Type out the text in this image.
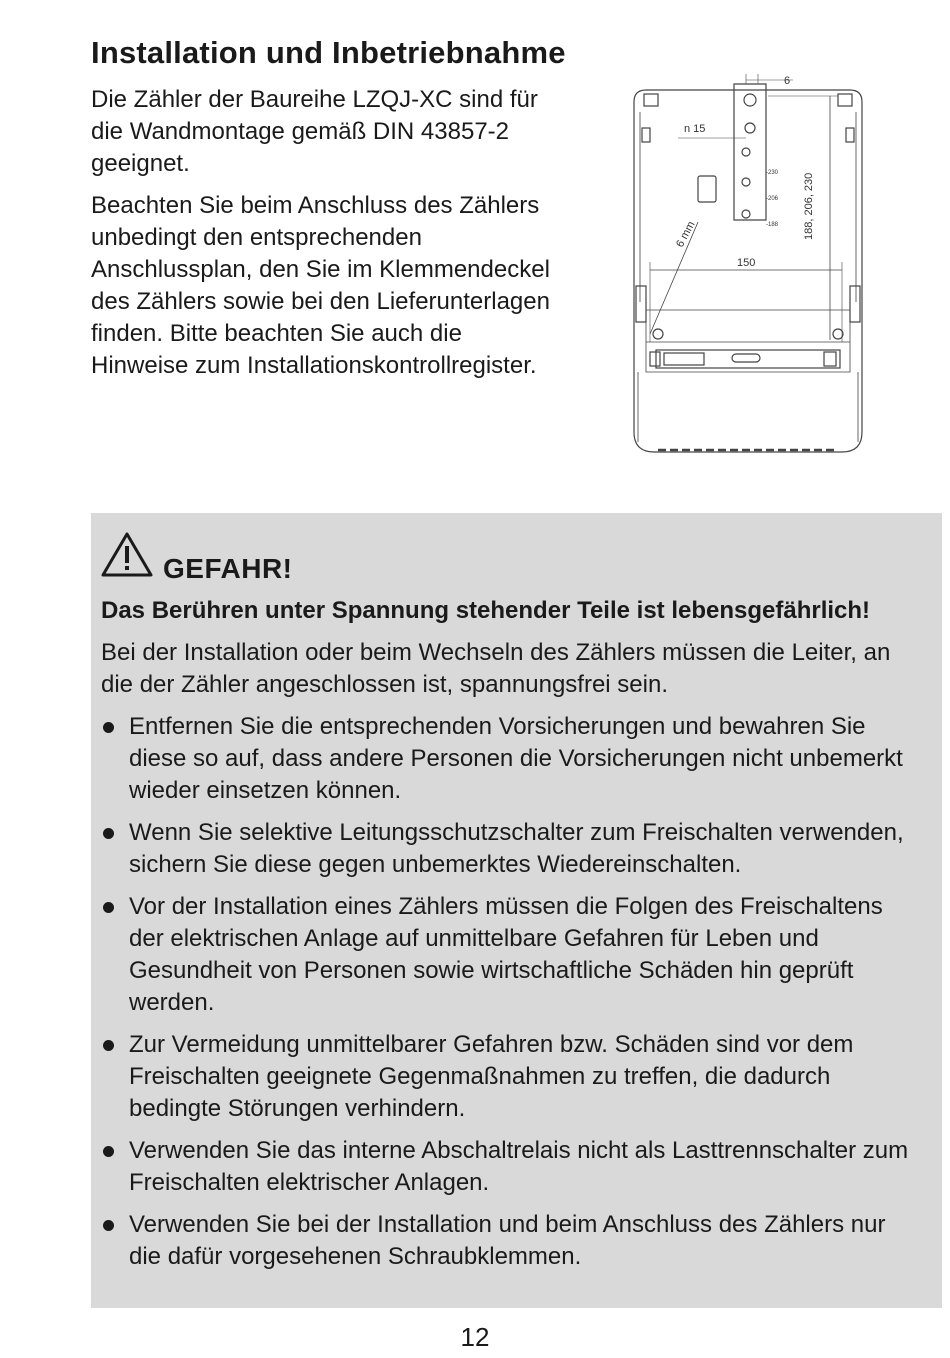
Installation und Inbetriebnahme

Die Zähler der Baureihe LZQJ-XC sind für die Wandmontage gemäß DIN 43857-2 geeignet.

Beachten Sie beim Anschluss des Zählers unbedingt den entsprechenden Anschlussplan, den Sie im Klemmendeckel des Zählers sowie bei den Lieferunterlagen finden. Bitte beachten Sie auch die Hinweise zum Installationskontrollregister.

6
n 15
188, 206, 230
-230
-206
-188
6 mm
150
GEFAHR!

Das Berühren unter Spannung stehender Teile ist lebensgefährlich!

Bei der Installation oder beim Wechseln des Zählers müssen die Leiter, an die der Zähler angeschlossen ist, spannungsfrei sein.

Entfernen Sie die entsprechenden Vorsicherungen und bewahren Sie diese so auf, dass andere Personen die Vorsicherungen nicht unbemerkt wieder einsetzen können.
Wenn Sie selektive Leitungsschutzschalter zum Freischalten verwenden, sichern Sie diese gegen unbemerktes Wiedereinschalten.
Vor der Installation eines Zählers müssen die Folgen des Freischaltens der elektrischen Anlage auf unmittelbare Gefahren für Leben und Gesundheit von Personen sowie wirtschaftliche Schäden hin geprüft werden.
Zur Vermeidung unmittelbarer Gefahren bzw. Schäden sind vor dem Freischalten geeignete Gegenmaßnahmen zu treffen, die dadurch bedingte Störungen verhindern.
Verwenden Sie das interne Abschaltrelais nicht als Lasttrennschalter zum Freischalten elektrischer Anlagen.
Verwenden Sie bei der Installation und beim Anschluss des Zählers nur die dafür vorgesehenen Schraubklemmen.
12
